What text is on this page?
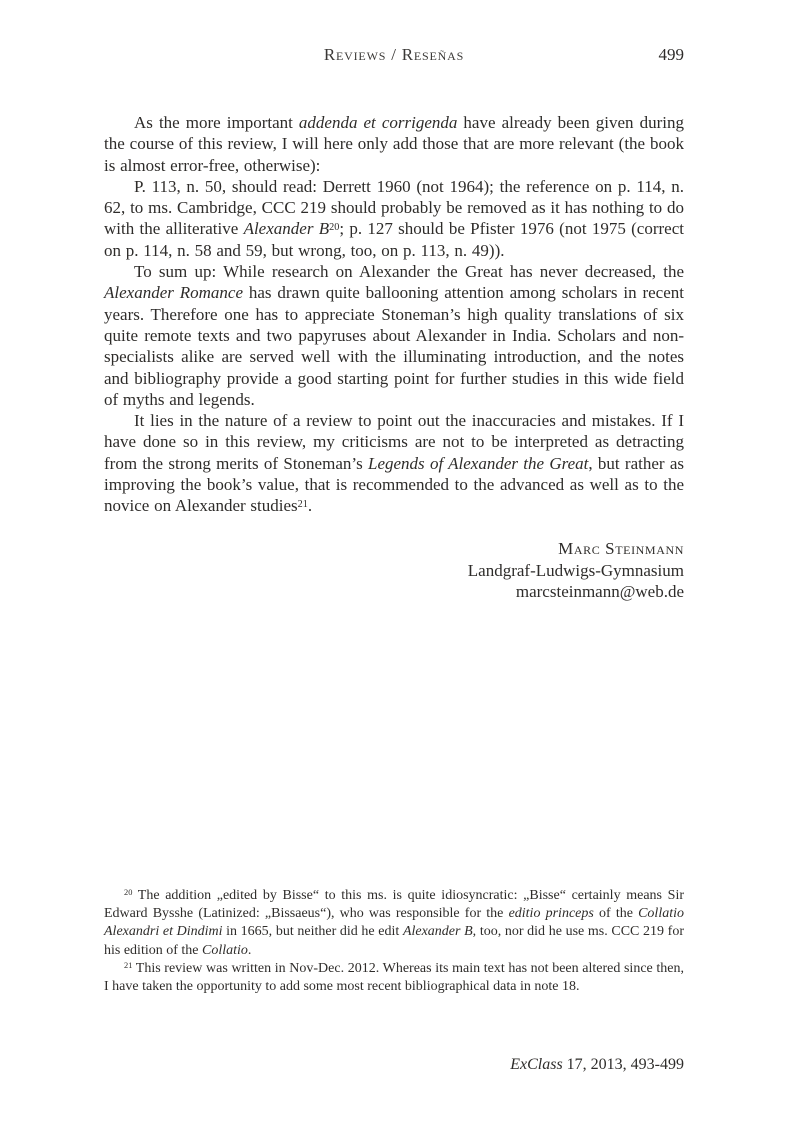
Reviews / Reseñas	499

As the more important addenda et corrigenda have already been given during the course of this review, I will here only add those that are more relevant (the book is almost error-free, otherwise):

P. 113, n. 50, should read: Derrett 1960 (not 1964); the reference on p. 114, n. 62, to ms. Cambridge, CCC 219 should probably be removed as it has nothing to do with the alliterative Alexander $B^{20}$; p. 127 should be Pfister 1976 (not 1975 (correct on p. 114, n. 58 and 59, but wrong, too, on p. 113, n. 49)).

To sum up: While research on Alexander the Great has never decreased, the Alexander Romance has drawn quite ballooning attention among scholars in recent years. Therefore one has to appreciate Stoneman’s high quality translations of six quite remote texts and two papyruses about Alexander in India. Scholars and non-specialists alike are served well with the illuminating introduction, and the notes and bibliography provide a good starting point for further studies in this wide field of myths and legends.

It lies in the nature of a review to point out the inaccuracies and mistakes. If I have done so in this review, my criticisms are not to be interpreted as detracting from the strong merits of Stoneman’s Legends of Alexander the Great, but rather as improving the book’s value, that is recommended to the advanced as well as to the novice on Alexander studies$^{21}$.

Marc Steinmann
Landgraf-Ludwigs-Gymnasium
marcsteinmann@web.de

$^{20}$ The addition „edited by Bisse“ to this ms. is quite idiosyncratic: „Bisse“ certainly means Sir Edward Bysshe (Latinized: „Bissaeus“), who was responsible for the editio princeps of the Collatio Alexandri et Dindimi in 1665, but neither did he edit Alexander B, too, nor did he use ms. CCC 219 for his edition of the Collatio.

$^{21}$ This review was written in Nov-Dec. 2012. Whereas its main text has not been altered since then, I have taken the opportunity to add some most recent bibliographical data in note 18.

ExClass 17, 2013, 493-499
